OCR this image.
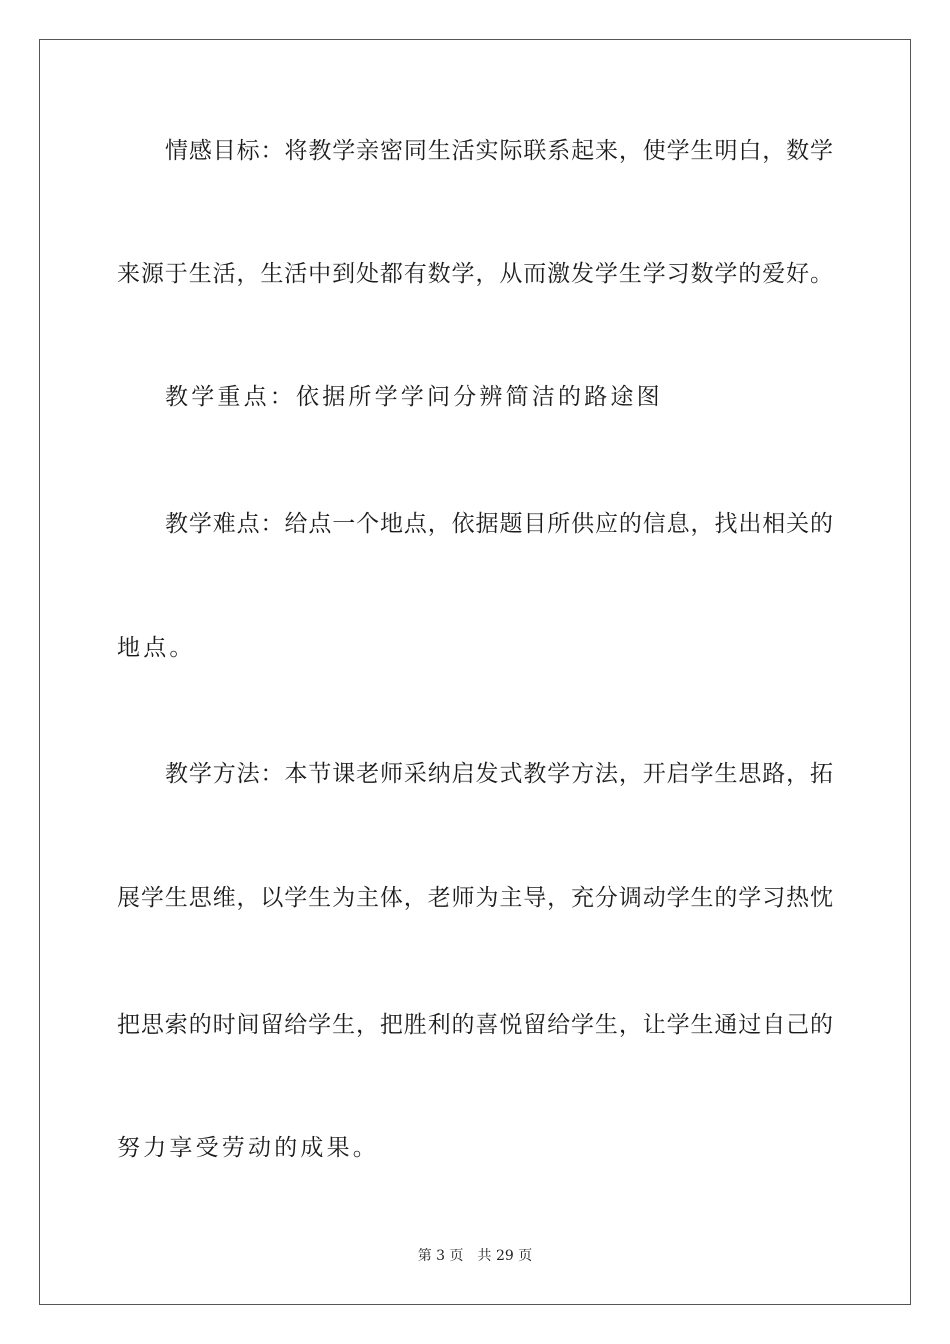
情感目标：将教学亲密同生活实际联系起来，使学生明白，数学
来源于生活，生活中到处都有数学，从而激发学生学习数学的爱好。
教学重点：依据所学学问分辨简洁的路途图
教学难点：给点一个地点，依据题目所供应的信息，找出相关的
地点。
教学方法：本节课老师采纳启发式教学方法，开启学生思路，拓
展学生思维，以学生为主体，老师为主导，充分调动学生的学习热忱
把思索的时间留给学生，把胜利的喜悦留给学生，让学生通过自己的
努力享受劳动的成果。
第 3 页　共 29 页
